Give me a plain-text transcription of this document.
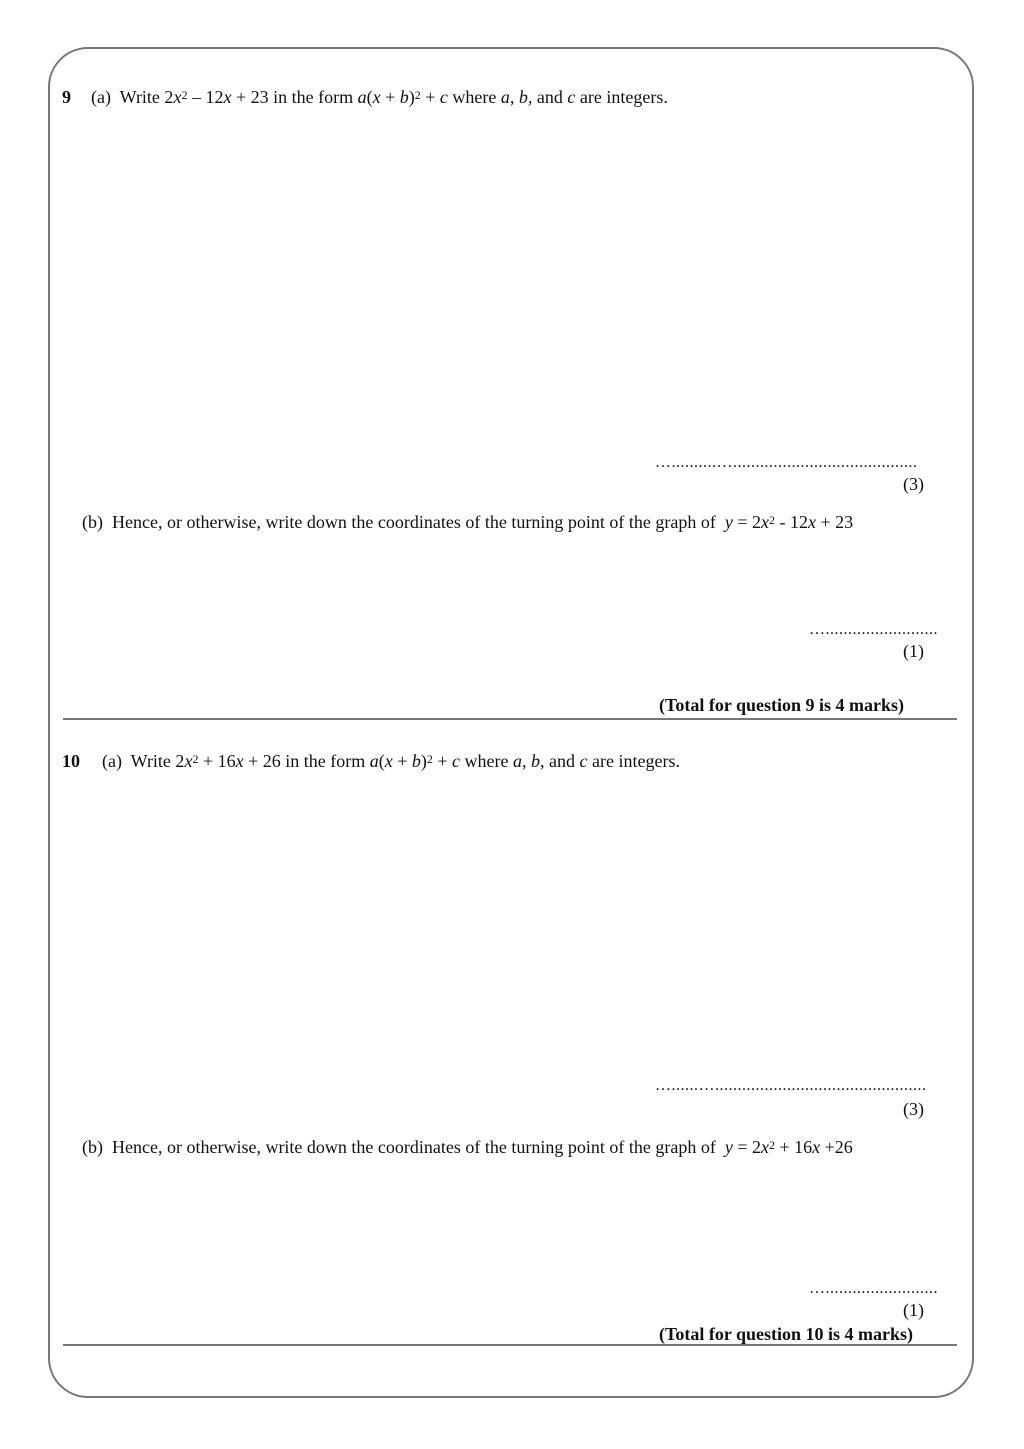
9 (a) Write $2x^2 - 12x + 23$ in the form $a(x + b)^2 + c$ where a, b, and c are integers.
…..........….........................................
(3)
(b) Hence, or otherwise, write down the coordinates of the turning point of the graph of $y = 2x^2 - 12x + 23$
….........................
(1)
(Total for question 9 is 4 marks)
10 (a) Write $2x^2 + 16x + 26$ in the form $a(x + b)^2 + c$ where a, b, and c are integers.
…......…...............................................
(3)
(b) Hence, or otherwise, write down the coordinates of the turning point of the graph of $y = 2x^2 + 16x +26$
….........................
(1)
(Total for question 10 is 4 marks)
